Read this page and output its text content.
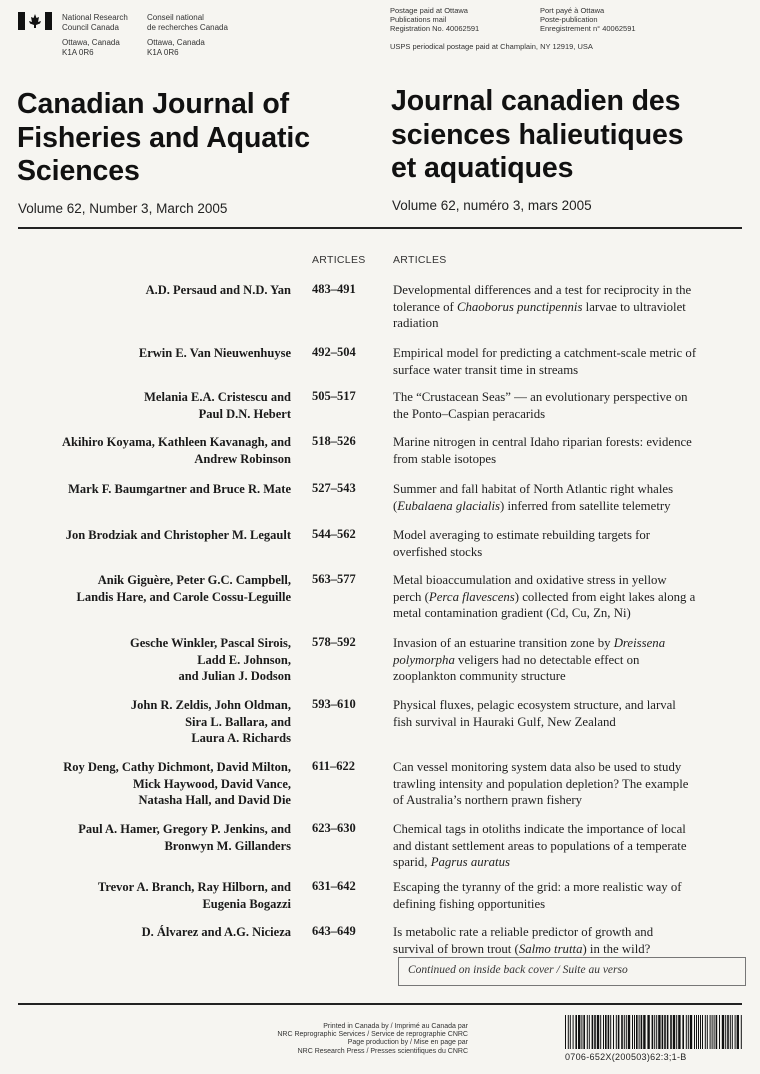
National Research
Council Canada
Ottawa, Canada
K1A 0R6
Conseil national
de recherches Canada
Ottawa, Canada
K1A 0R6
Postage paid at Ottawa
Publications mail
Registration No. 40062591
Port payé à Ottawa
Poste-publication
Enregistrement n° 40062591
USPS periodical postage paid at Champlain, NY 12919, USA
Canadian Journal of
Fisheries and Aquatic
Sciences
Journal canadien des
sciences halieutiques
et aquatiques
Volume 62, Number 3, March 2005	Volume 62, numéro 3, mars 2005
ARTICLES	ARTICLES
A.D. Persaud and N.D. Yan 483–491	Developmental differences and a test for reciprocity in the
tolerance of Chaoborus punctipennis larvae to ultraviolet
radiation
Erwin E. Van Nieuwenhuyse 492–504	Empirical model for predicting a catchment-scale metric of
surface water transit time in streams
Melania E.A. Cristescu and
Paul D.N. Hebert
505–517	The “Crustacean Seas” — an evolutionary perspective on
the Ponto–Caspian peracarids
Akihiro Koyama, Kathleen Kavanagh, and
Andrew Robinson
518–526	Marine nitrogen in central Idaho riparian forests: evidence
from stable isotopes
Mark F. Baumgartner and Bruce R. Mate 527–543	Summer and fall habitat of North Atlantic right whales
(Eubalaena glacialis) inferred from satellite telemetry
Jon Brodziak and Christopher M. Legault 544–562	Model averaging to estimate rebuilding targets for
overfished stocks
Anik Giguère, Peter G.C. Campbell,
Landis Hare, and Carole Cossu-Leguille
563–577	Metal bioaccumulation and oxidative stress in yellow
perch (Perca flavescens) collected from eight lakes along a
metal contamination gradient (Cd, Cu, Zn, Ni)
Gesche Winkler, Pascal Sirois,
Ladd E. Johnson,
and Julian J. Dodson
578–592	Invasion of an estuarine transition zone by Dreissena
polymorpha veligers had no detectable effect on
zooplankton community structure
John R. Zeldis, John Oldman,
Sira L. Ballara, and
Laura A. Richards
593–610	Physical fluxes, pelagic ecosystem structure, and larval
fish survival in Hauraki Gulf, New Zealand
Roy Deng, Cathy Dichmont, David Milton,
Mick Haywood, David Vance,
Natasha Hall, and David Die
611–622	Can vessel monitoring system data also be used to study
trawling intensity and population depletion? The example
of Australia’s northern prawn fishery
Paul A. Hamer, Gregory P. Jenkins, and
Bronwyn M. Gillanders
623–630	Chemical tags in otoliths indicate the importance of local
and distant settlement areas to populations of a temperate
sparid, Pagrus auratus
Trevor A. Branch, Ray Hilborn, and
Eugenia Bogazzi
631–642	Escaping the tyranny of the grid: a more realistic way of
defining fishing opportunities
D. Álvarez and A.G. Nicieza 643–649	Is metabolic rate a reliable predictor of growth and
survival of brown trout (Salmo trutta) in the wild?
Continued on inside back cover / Suite au verso
Printed in Canada by / Imprimé au Canada par
NRC Reprographic Services / Service de reprographie CNRC
Page production by / Mise en page par
NRC Research Press / Presses scientifiques du CNRC
0706-652X(200503)62:3;1-B
